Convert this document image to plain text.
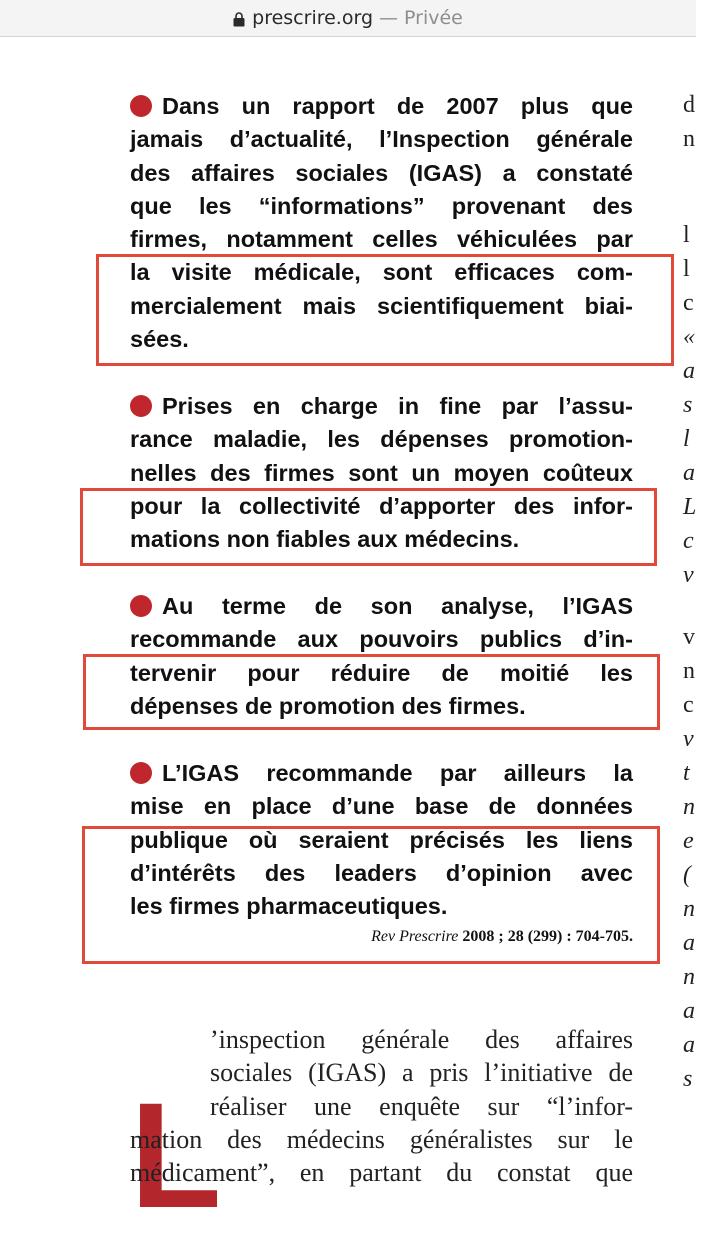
prescrire.org — Privée
Dans un rapport de 2007 plus que
jamais d’actualité, l’Inspection générale
des affaires sociales (IGAS) a constaté
que les “informations” provenant des
firmes, notamment celles véhiculées par
la visite médicale, sont efficaces com-
mercialement mais scientifiquement biai-
sées.
Prises en charge in fine par l’assu-
rance maladie, les dépenses promotion-
nelles des firmes sont un moyen coûteux
pour la collectivité d’apporter des infor-
mations non fiables aux médecins.
Au terme de son analyse, l’IGAS
recommande aux pouvoirs publics d’in-
tervenir pour réduire de moitié les
dépenses de promotion des firmes.
L’IGAS recommande par ailleurs la
mise en place d’une base de données
publique où seraient précisés les liens
d’intérêts des leaders d’opinion avec
les firmes pharmaceutiques.
Rev Prescrire 2008 ; 28 (299) : 704-705.
L
’inspection générale des affaires
sociales (IGAS) a pris l’initiative de
réaliser une enquête sur “l’infor-
mation des médecins généralistes sur le
médicament”, en partant du constat que
d
n
l
l
c
«
a
s
l
a
L
c
v
v
n
c
v
t
n
e
(
n
a
n
a
a
s
